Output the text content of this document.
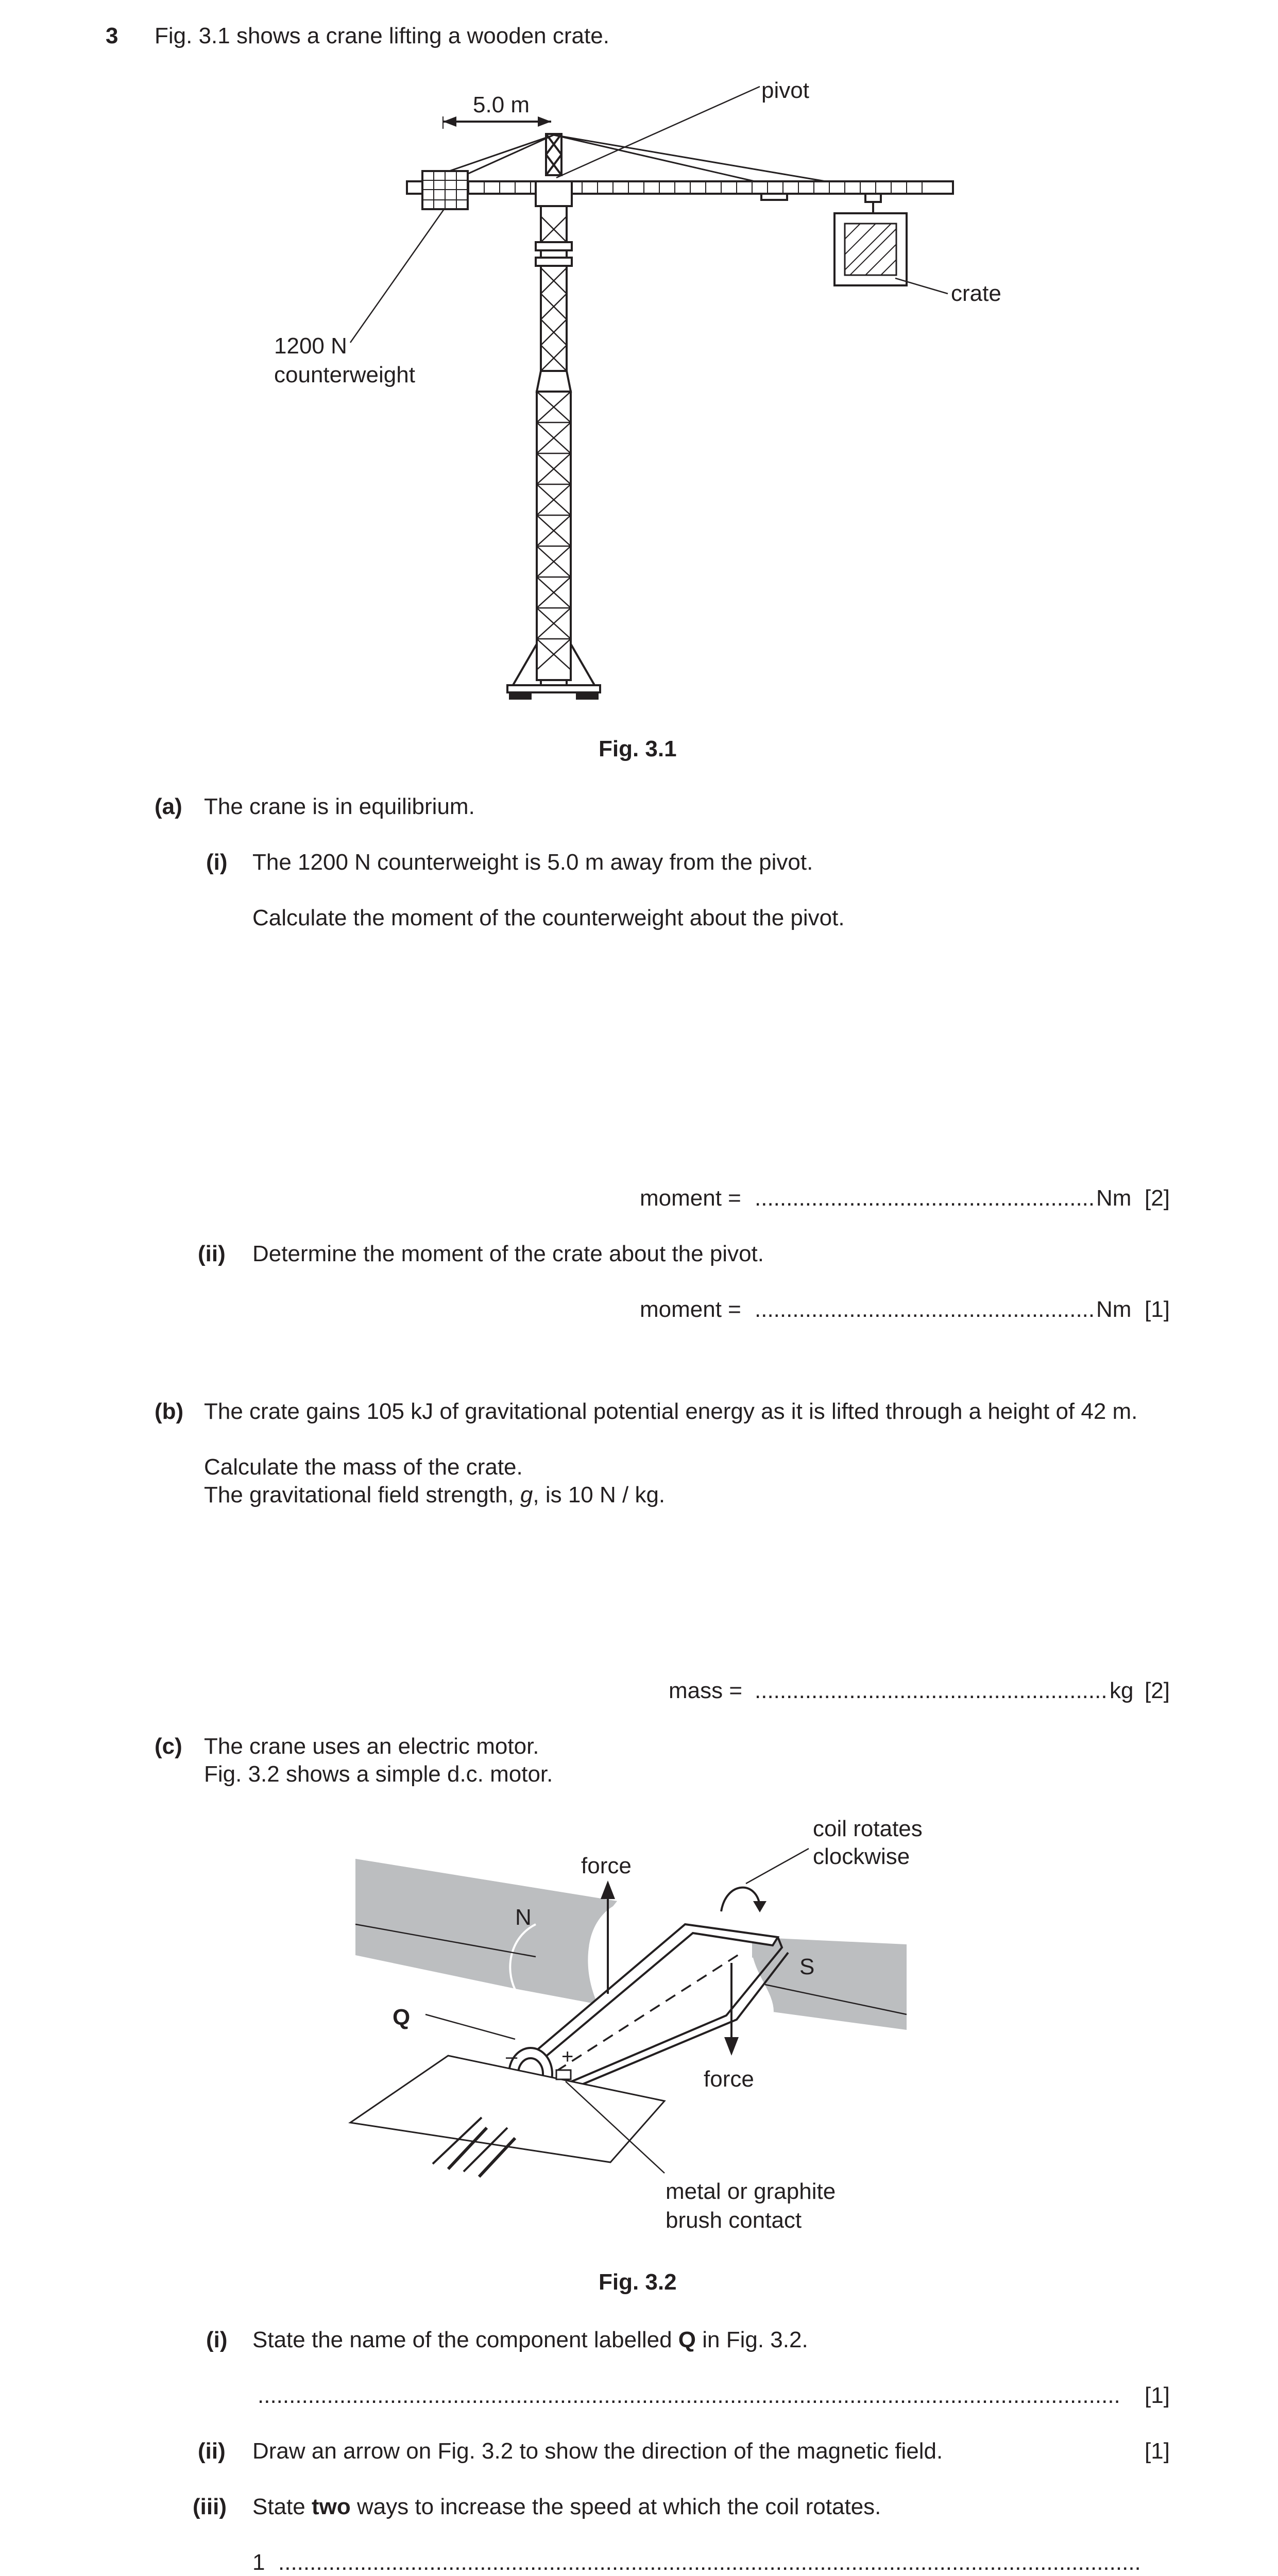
3 Fig. 3.1 shows a crane lifting a wooden crate.
5.0 m
pivot
crate
1200 N
counterweight
Fig. 3.1
(a) The crane is in equilibrium.
(i) The 1200 N counterweight is 5.0 m away from the pivot.
Calculate the moment of the counterweight about the pivot.
moment = ...................................................... Nm [2]
(ii) Determine the moment of the crate about the pivot.
moment = ...................................................... Nm [1]
(b) The crate gains 105 kJ of gravitational potential energy as it is lifted through a height of 42 m.
Calculate the mass of the crate.
The gravitational field strength, g, is 10 N / kg.
mass = ........................................................ kg [2]
(c) The crane uses an electric motor.
Fig. 3.2 shows a simple d.c. motor.
coil rotates
clockwise
force
force
N
S
Q
– +
metal or graphite
brush contact
Fig. 3.2
(i) State the name of the component labelled Q in Fig. 3.2.
......................................................................................................................................... [1]
(ii) Draw an arrow on Fig. 3.2 to show the direction of the magnetic field.	[1]
(iii) State two ways to increase the speed at which the coil rotates.
1 .........................................................................................................................................
